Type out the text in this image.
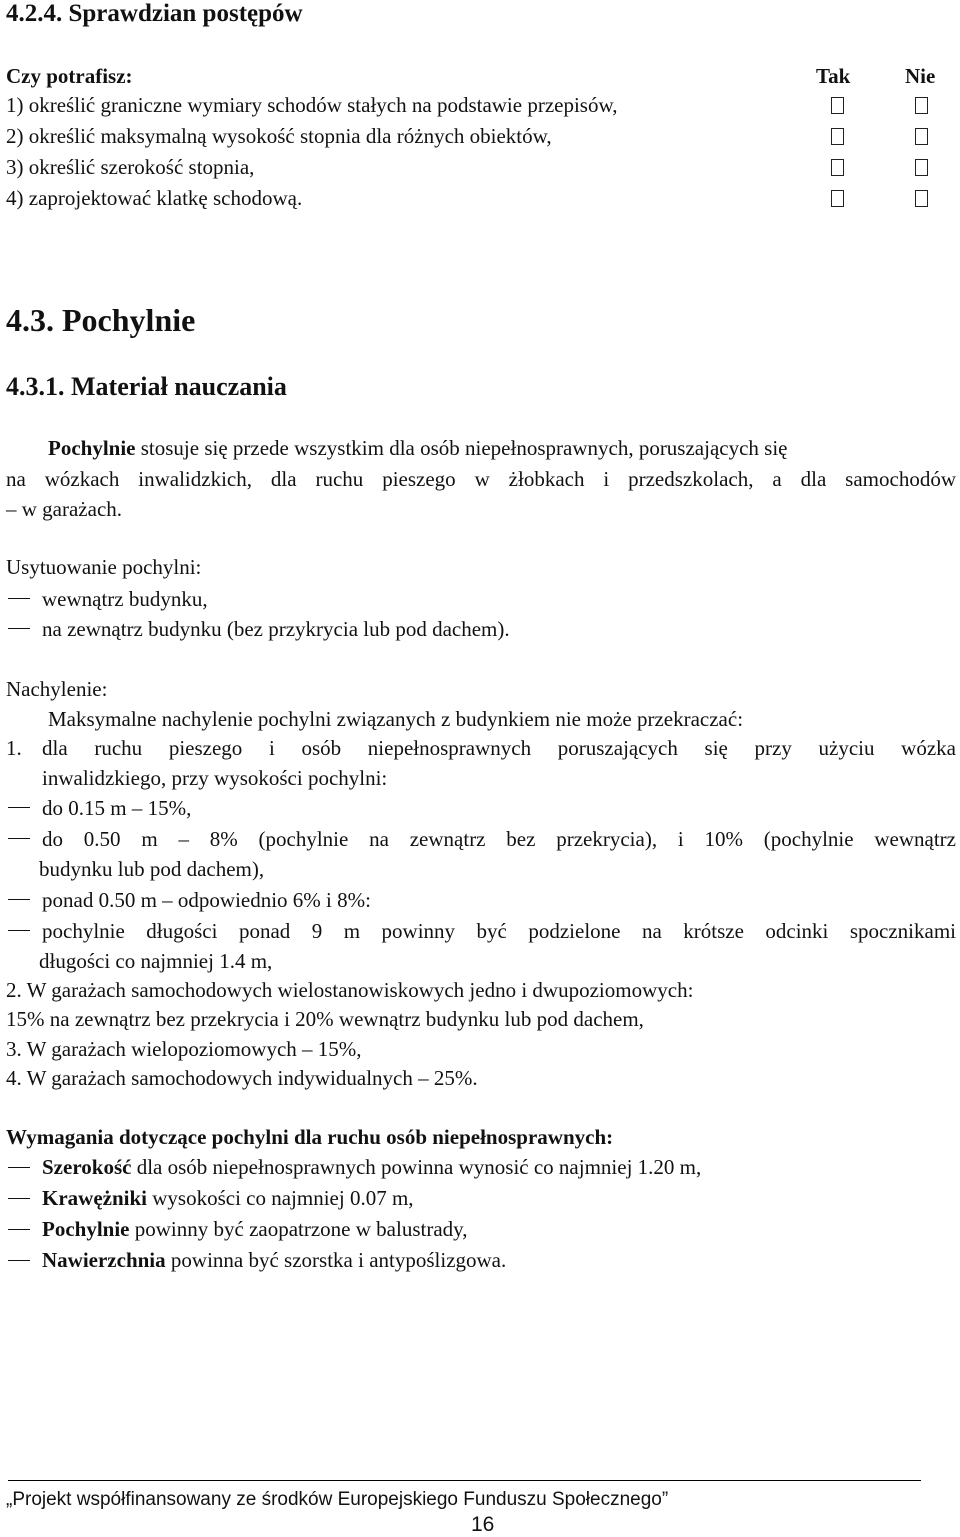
4.2.4. Sprawdzian postępów
Czy potrafisz:	Tak	Nie
1) określić graniczne wymiary schodów stałych na podstawie przepisów,
2) określić maksymalną wysokość stopnia dla różnych obiektów,
3) określić szerokość stopnia,
4) zaprojektować klatkę schodową.
4.3. Pochylnie
4.3.1. Materiał nauczania
Pochylnie stosuje się przede wszystkim dla osób niepełnosprawnych, poruszających się
na wózkach inwalidzkich, dla ruchu pieszego w żłobkach i przedszkolach, a dla samochodów
– w garażach.
Usytuowanie pochylni:
wewnątrz budynku,
na zewnątrz budynku (bez przykrycia lub pod dachem).
Nachylenie:
Maksymalne nachylenie pochylni związanych z budynkiem nie może przekraczać:
1. dla ruchu pieszego i osób niepełnosprawnych poruszających się przy użyciu wózka
inwalidzkiego, przy wysokości pochylni:
do 0.15 m – 15%,
do 0.50 m – 8% (pochylnie na zewnątrz bez przekrycia), i 10% (pochylnie wewnątrz
budynku lub pod dachem),
ponad 0.50 m – odpowiednio 6% i 8%:
pochylnie długości ponad 9 m powinny być podzielone na krótsze odcinki spocznikami
długości co najmniej 1.4 m,
2. W garażach samochodowych wielostanowiskowych jedno i dwupoziomowych:
15% na zewnątrz bez przekrycia i 20% wewnątrz budynku lub pod dachem,
3. W garażach wielopoziomowych – 15%,
4. W garażach samochodowych indywidualnych – 25%.
Wymagania dotyczące pochylni dla ruchu osób niepełnosprawnych:
Szerokość dla osób niepełnosprawnych powinna wynosić co najmniej 1.20 m,
Krawężniki wysokości co najmniej 0.07 m,
Pochylnie powinny być zaopatrzone w balustrady,
Nawierzchnia powinna być szorstka i antypoślizgowa.
„Projekt współfinansowany ze środków Europejskiego Funduszu Społecznego”
16
